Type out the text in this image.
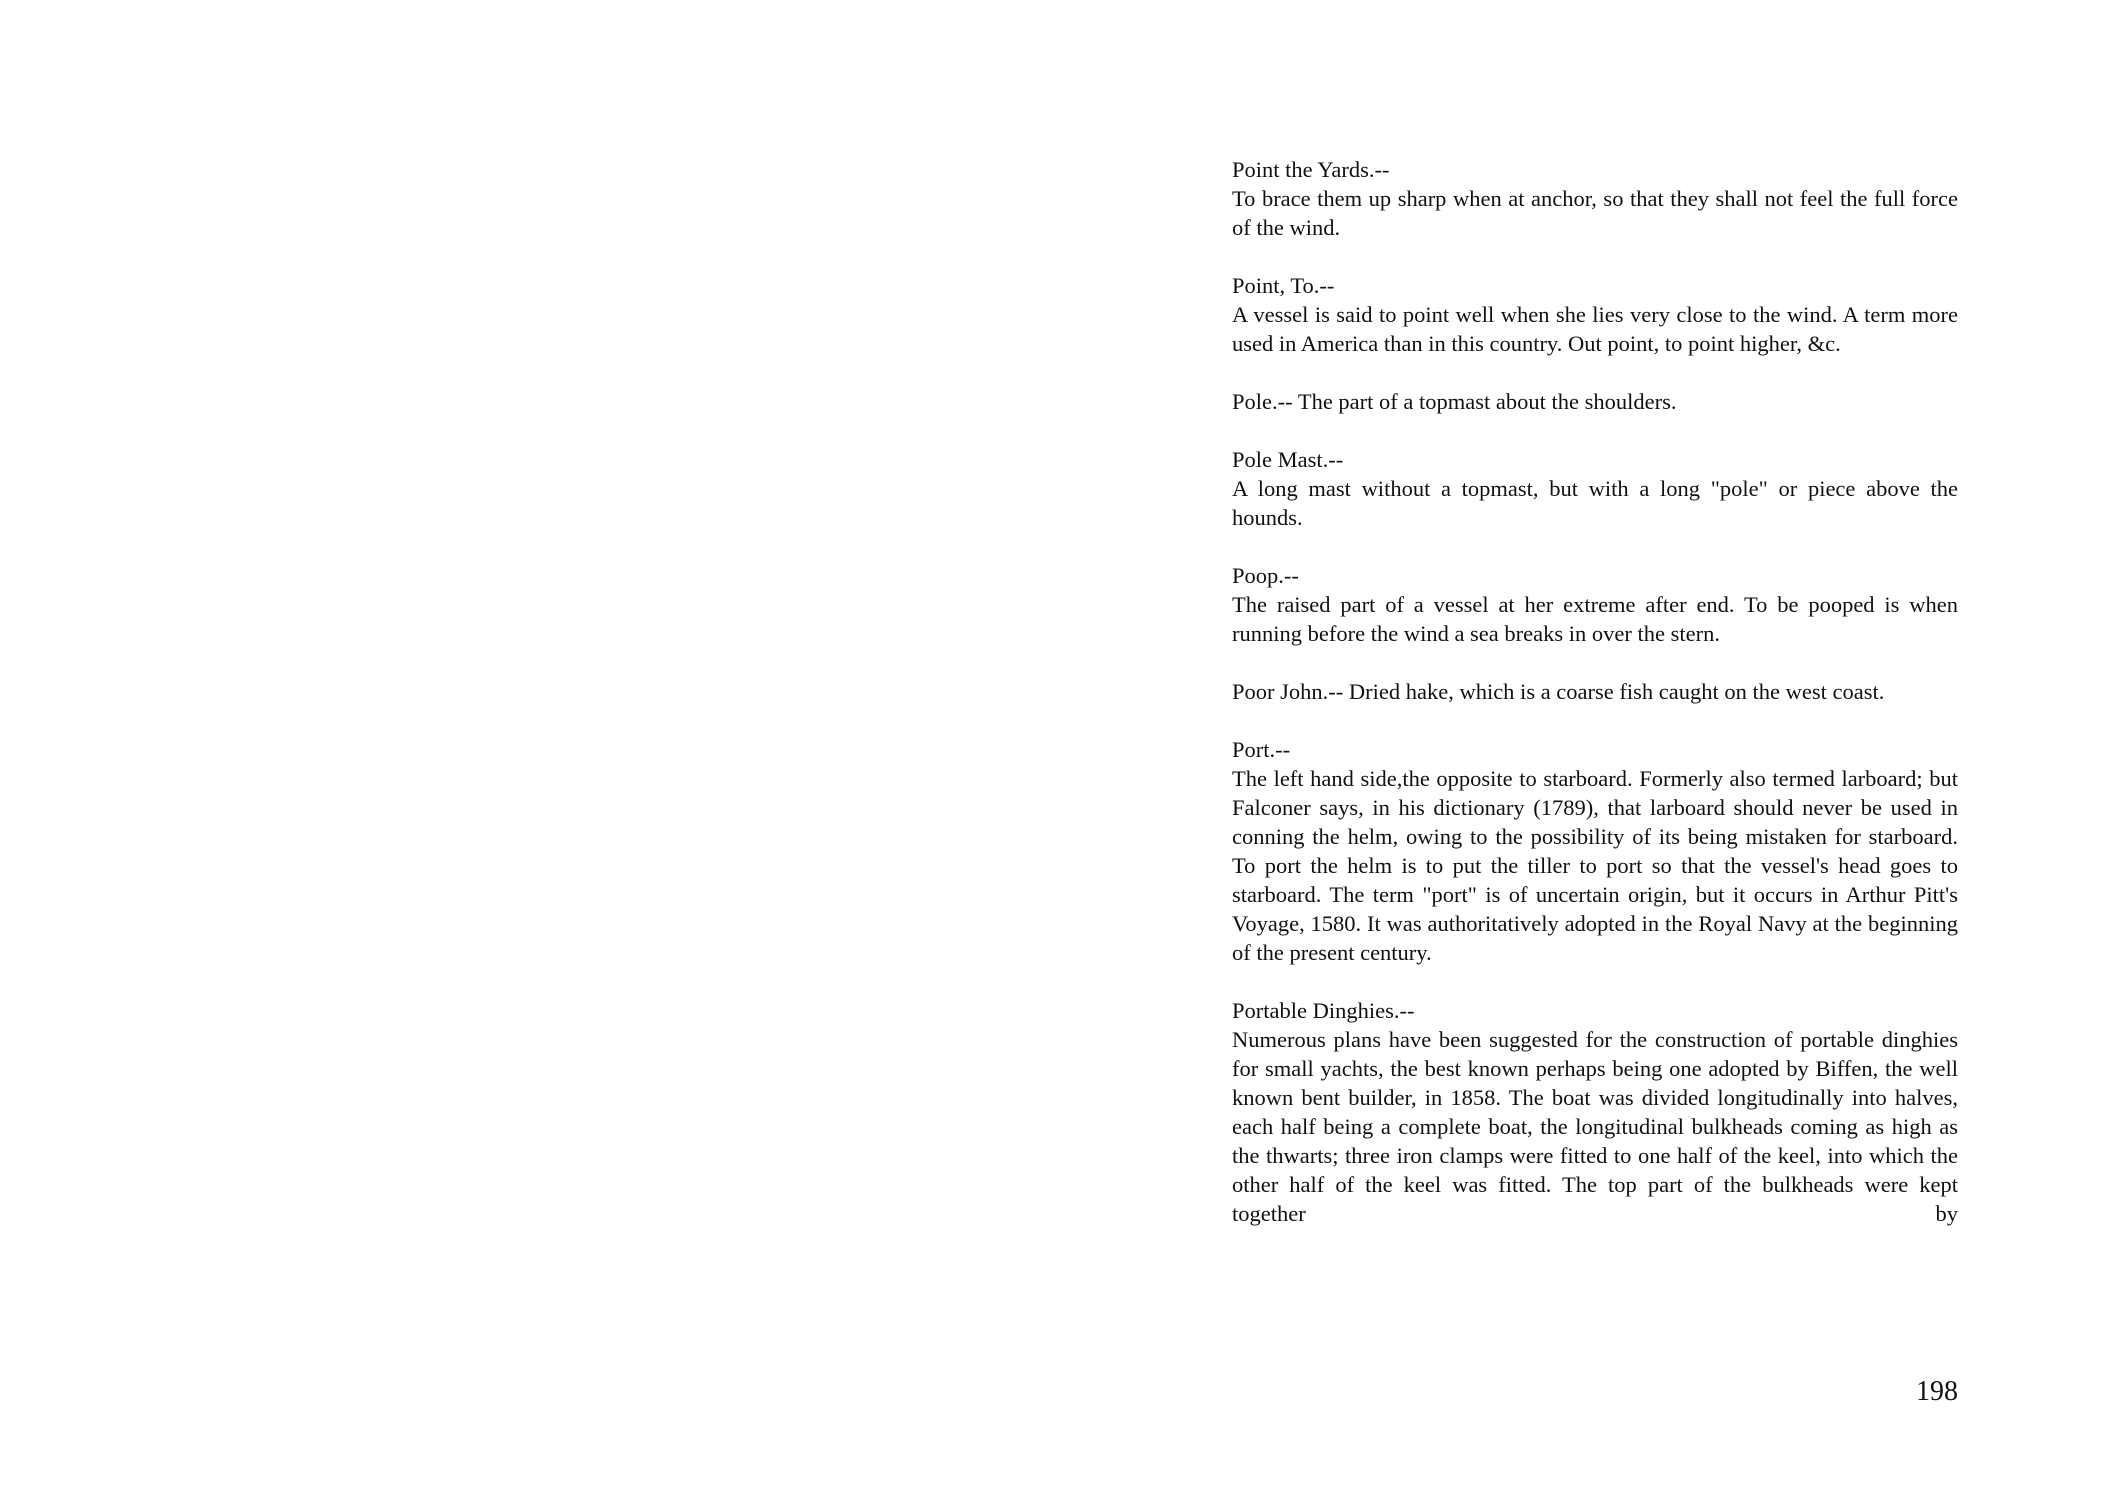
Point the Yards.--
To brace them up sharp when at anchor, so that they shall not feel the full force of the wind.
Point, To.--
A vessel is said to point well when she lies very close to the wind. A term more used in America than in this country. Out point, to point higher, &c.
Pole.-- The part of a topmast about the shoulders.
Pole Mast.--
A long mast without a topmast, but with a long "pole" or piece above the hounds.
Poop.--
The raised part of a vessel at her extreme after end. To be pooped is when running before the wind a sea breaks in over the stern.
Poor John.-- Dried hake, which is a coarse fish caught on the west coast.
Port.--
The left hand side,the opposite to starboard. Formerly also termed larboard; but Falconer says, in his dictionary (1789), that larboard should never be used in conning the helm, owing to the possibility of its being mistaken for starboard. To port the helm is to put the tiller to port so that the vessel's head goes to starboard. The term "port" is of uncertain origin, but it occurs in Arthur Pitt's Voyage, 1580. It was authoritatively adopted in the Royal Navy at the beginning of the present century.
Portable Dinghies.--
Numerous plans have been suggested for the construction of portable dinghies for small yachts, the best known perhaps being one adopted by Biffen, the well known bent builder, in 1858. The boat was divided longitudinally into halves, each half being a complete boat, the longitudinal bulkheads coming as high as the thwarts; three iron clamps were fitted to one half of the keel, into which the other half of the keel was fitted. The top part of the bulkheads were kept together by
198
